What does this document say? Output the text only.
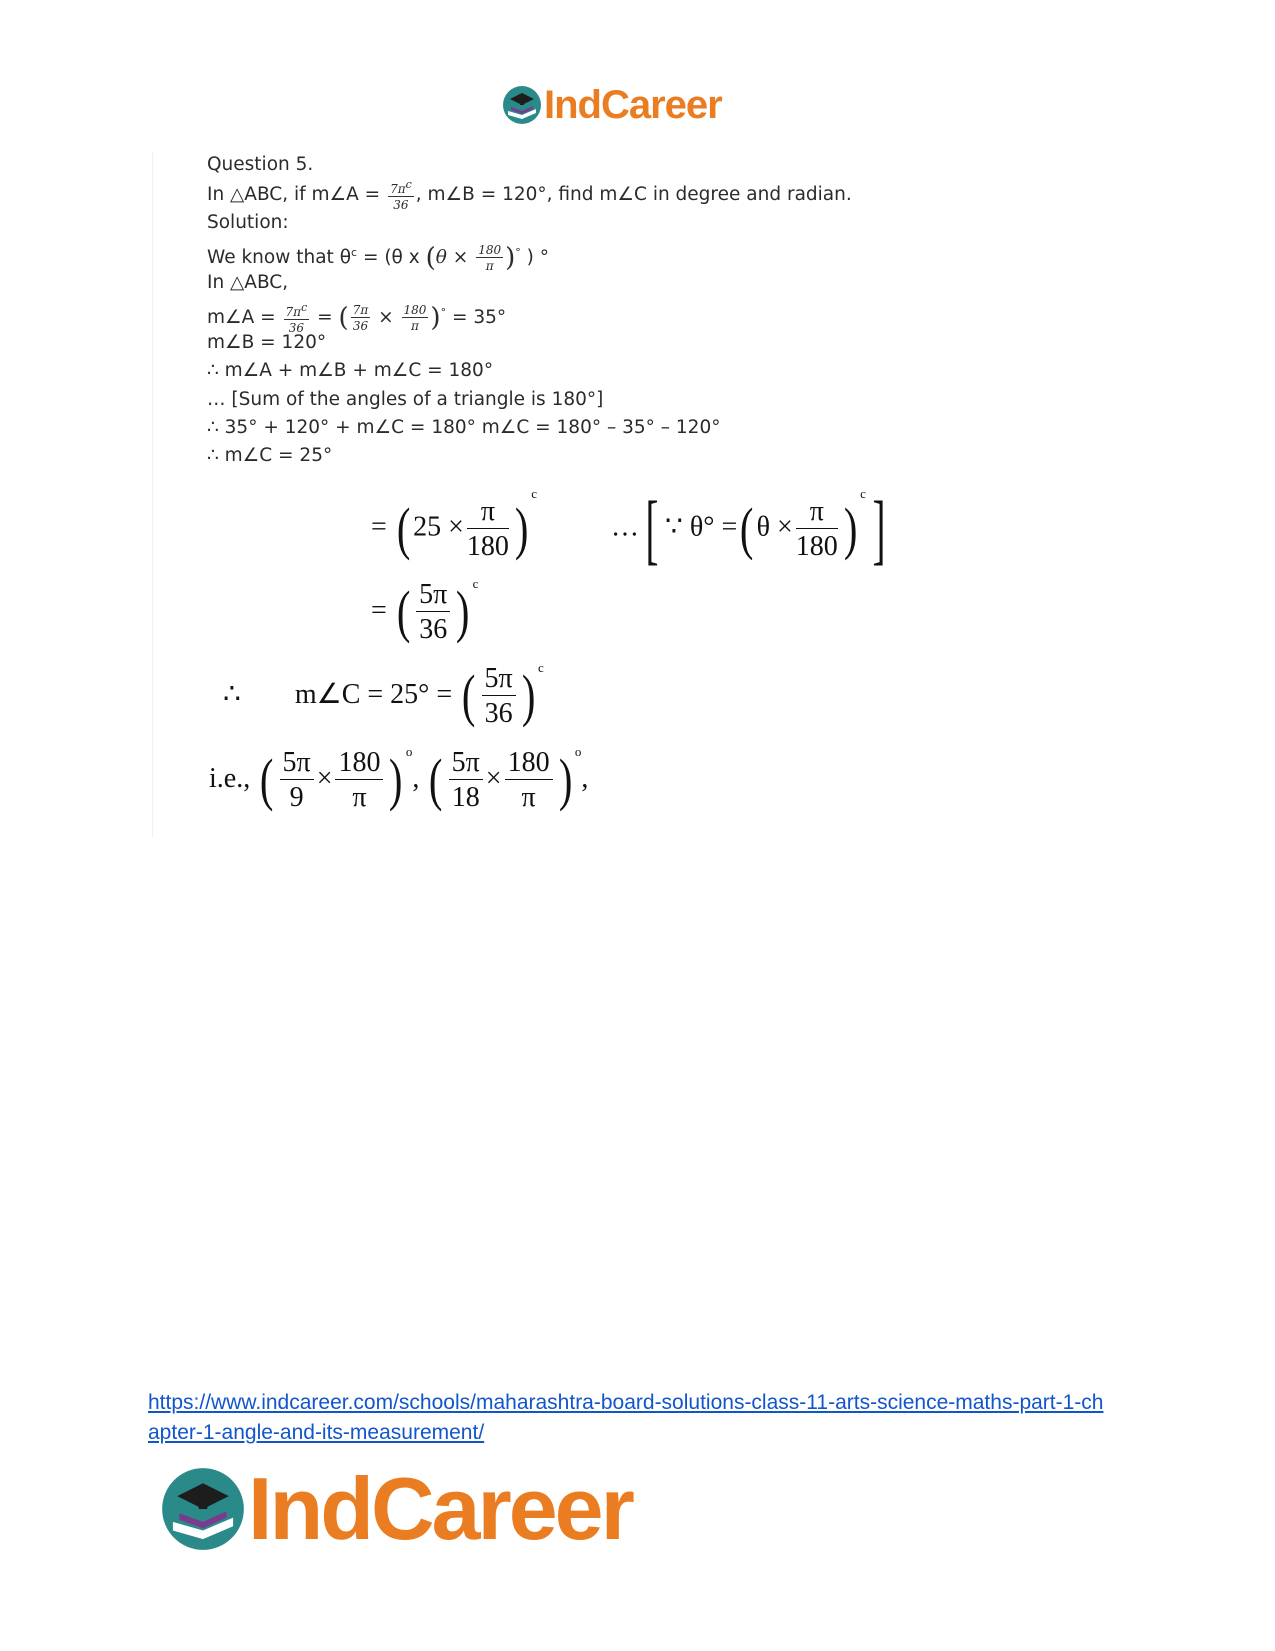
IndCareer
Question 5.
In △ABC, if m∠A = $\frac{7\pi c}{36}$ , m∠B = 120°, find m∠C in degree and radian.
Solution:
We know that $\theta^c = (\theta$ x $(\theta \times \frac{180}{\pi} )^\circ$ ) °
In △ABC,
m∠A = $\frac{7\pi c}{36}$ = ( $\frac{7\pi}{36} \times \frac{180}{\pi} )^\circ = 35^\circ$
m∠B = 120°
∴ m∠A + m∠B + m∠C = 180°
… [Sum of the angles of a triangle is 180°]
∴ 35° + 120° + m∠C = 180° m∠C = 180° – 35° – 120°
∴ m∠C = 25°
= ( $25 \times \frac{\pi}{180} )^c$  …[ ∵ θ° =( $\theta \times \frac{\pi}{180} )^c$]
= ( $\frac{5\pi}{36}$ ) $^c$
∴ m∠C = 25° = ( $\frac{5\pi}{36}$ ) $^c$
i.e., ( $\frac{5\pi}{9} \times \frac{180}{\pi}$ ) $^o$, ( $\frac{5\pi}{18} \times \frac{180}{\pi}$ ) $^o$,
https://www.indcareer.com/schools/maharashtra-board-solutions-class-11-arts-science-maths-part-1-chapter-1-angle-and-its-measurement/
IndCareer
